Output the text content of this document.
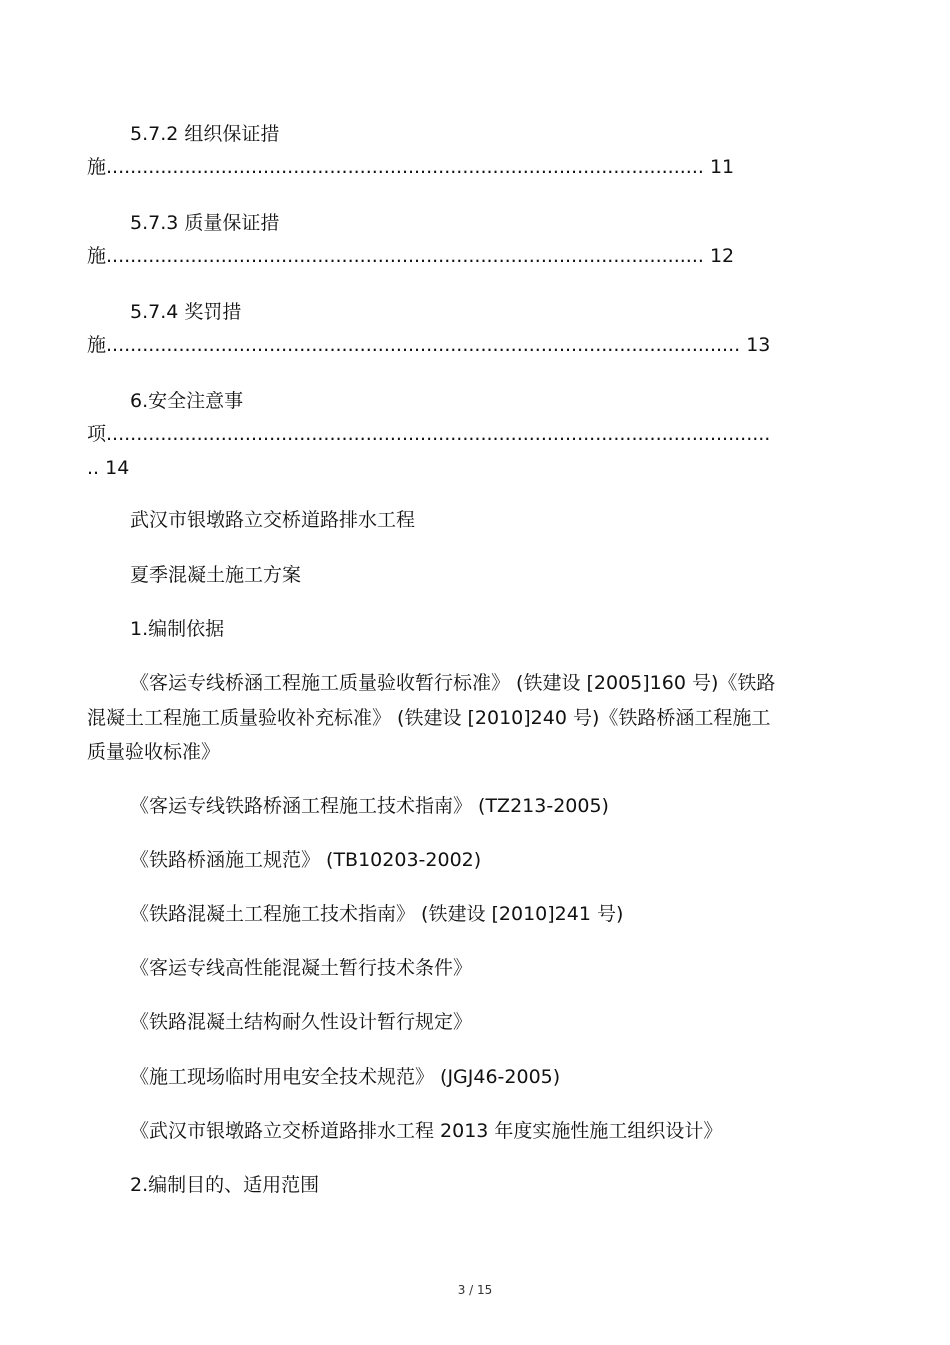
5.7.2 组织保证措
施................................................................................................... 11
5.7.3 质量保证措
施................................................................................................... 12
5.7.4 奖罚措
施......................................................................................................... 13
6.安全注意事
项..............................................................................................................
.. 14
武汉市银墩路立交桥道路排水工程
夏季混凝土施工方案
1.编制依据
《客运专线桥涵工程施工质量验收暂行标准》 (铁建设 [2005]160 号)《铁路
混凝土工程施工质量验收补充标准》 (铁建设 [2010]240 号)《铁路桥涵工程施工
质量验收标准》
《客运专线铁路桥涵工程施工技术指南》 (TZ213-2005)
《铁路桥涵施工规范》 (TB10203-2002)
《铁路混凝土工程施工技术指南》 (铁建设 [2010]241 号)
《客运专线高性能混凝土暂行技术条件》
《铁路混凝土结构耐久性设计暂行规定》
《施工现场临时用电安全技术规范》 (JGJ46-2005)
《武汉市银墩路立交桥道路排水工程 2013 年度实施性施工组织设计》
2.编制目的、适用范围
3 / 15
